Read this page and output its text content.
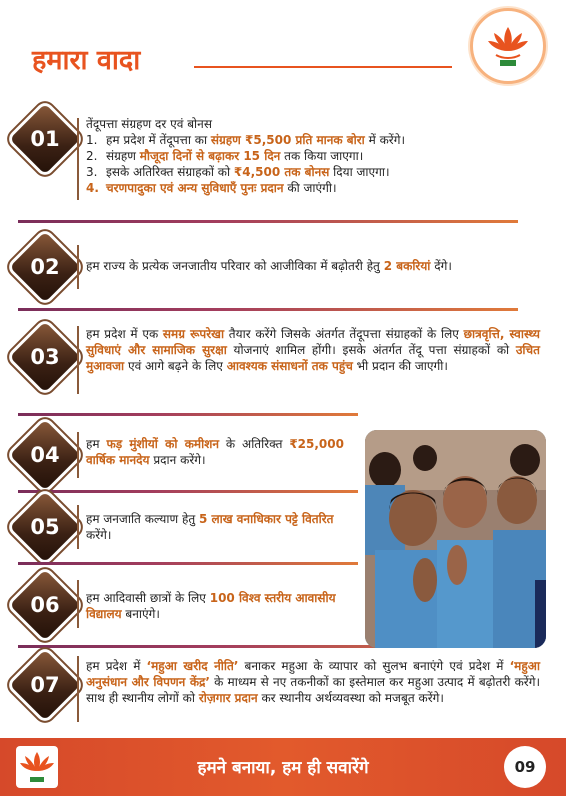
हमारा वादा
01
तेंदूपत्ता संग्रहण दर एवं बोनस
1. हम प्रदेश में तेंदूपत्ता का संग्रहण ₹5,500 प्रति मानक बोरा में करेंगे।
2. संग्रहण मौजूदा दिनों से बढ़ाकर 15 दिन तक किया जाएगा।
3. इसके अतिरिक्त संग्राहकों को ₹4,500 तक बोनस दिया जाएगा।
4. चरणपादुका एवं अन्य सुविधाएँ पुनः प्रदान की जाएंगी।
02	हम राज्य के प्रत्येक जनजातीय परिवार को आजीविका में बढ़ोतरी हेतु 2 बकरियां देंगे।
03
हम प्रदेश में एक समग्र रूपरेखा तैयार करेंगे जिसके अंतर्गत तेंदूपत्ता संग्राहकों के लिए छात्रवृत्ति, स्वास्थ्य सुविधाएं और सामाजिक सुरक्षा योजनाएं शामिल होंगी। इसके अंतर्गत तेंदू पत्ता संग्राहकों को उचित मुआवजा एवं आगे बढ़ने के लिए आवश्यक संसाधनों तक पहुंच भी प्रदान की जाएगी।
04	हम फड़ मुंशीयों को कमीशन के अतिरिक्त ₹25,000 वार्षिक मानदेय प्रदान करेंगे।
05	हम जनजाति कल्याण हेतु 5 लाख वनाधिकार पट्टे वितरित करेंगे।
06	हम आदिवासी छात्रों के लिए 100 विश्व स्तरीय आवासीय विद्यालय बनाएंगे।
07
हम प्रदेश में ‘महुआ खरीद नीति’ बनाकर महुआ के व्यापार को सुलभ बनाएंगे एवं प्रदेश में ‘महुआ अनुसंधान और विपणन केंद्र’ के माध्यम से नए तकनीकों का इस्तेमाल कर महुआ उत्पाद में बढ़ोतरी करेंगे। साथ ही स्थानीय लोगों को रोज़गार प्रदान कर स्थानीय अर्थव्यवस्था को मजबूत करेंगे।
हमने बनाया, हम ही सवारेंगे	09
